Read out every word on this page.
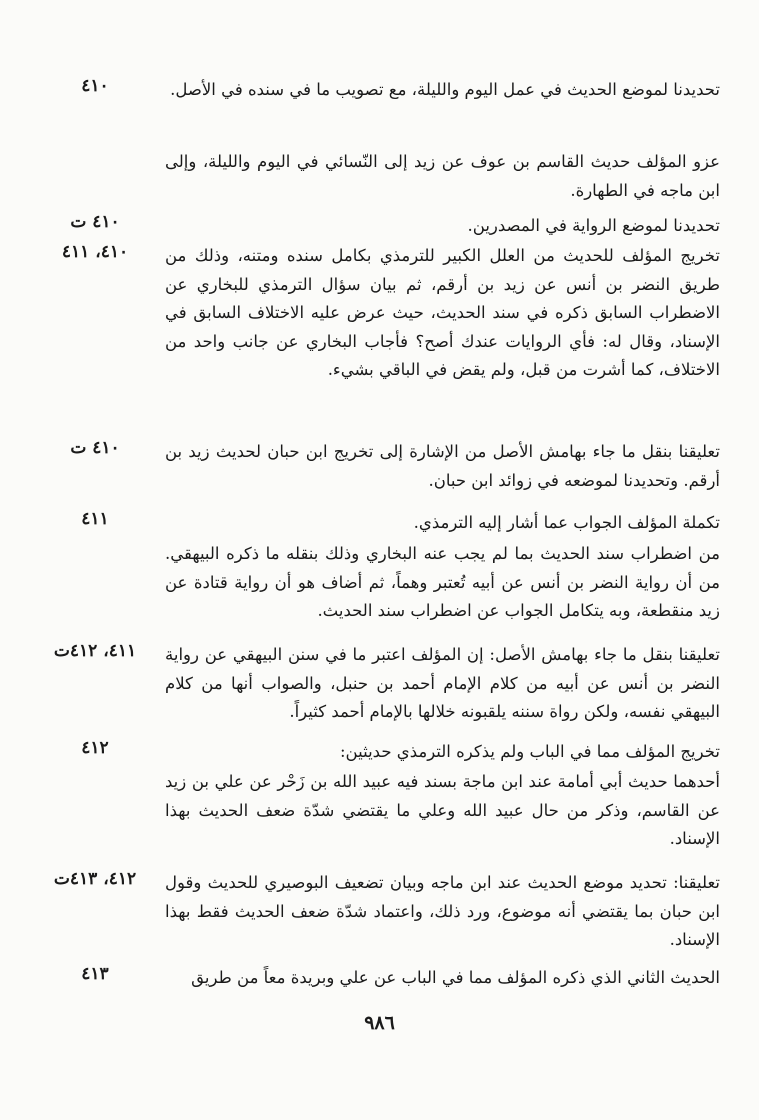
٤١٠	تحديدنا لموضع الحديث في عمل اليوم والليلة، مع تصويب ما في سنده في الأصل.

عزو المؤلف حديث القاسم بن عوف عن زيد إلى النّسائي في اليوم والليلة، وإلى ابن ماجه في الطهارة.

٤١٠ ت	تحديدنا لموضع الرواية في المصدرين.

٤١٠، ٤١١	تخريج المؤلف للحديث من العلل الكبير للترمذي بكامل سنده ومتنه، وذلك من طريق النضر بن أنس عن زيد بن أرقم، ثم بيان سؤال الترمذي للبخاري عن الاضطراب السابق ذكره في سند الحديث، حيث عرض عليه الاختلاف السابق في الإسناد، وقال له: فأي الروايات عندك أصح؟ فأجاب البخاري عن جانب واحد من الاختلاف، كما أشرت من قبل، ولم يقض في الباقي بشيء.

٤١٠ ت	تعليقنا بنقل ما جاء بهامش الأصل من الإشارة إلى تخريج ابن حبان لحديث زيد بن أرقم. وتحديدنا لموضعه في زوائد ابن حبان.

٤١١	تكملة المؤلف الجواب عما أشار إليه الترمذي.

من اضطراب سند الحديث بما لم يجب عنه البخاري وذلك بنقله ما ذكره البيهقي. من أن رواية النضر بن أنس عن أبيه تُعتبر وهماً، ثم أضاف هو أن رواية قتادة عن زيد منقطعة، وبه يتكامل الجواب عن اضطراب سند الحديث.

٤١١، ٤١٢ت	تعليقنا بنقل ما جاء بهامش الأصل: إن المؤلف اعتبر ما في سنن البيهقي عن رواية النضر بن أنس عن أبيه من كلام الإمام أحمد بن حنبل، والصواب أنها من كلام البيهقي نفسه، ولكن رواة سننه يلقبونه خلالها بالإمام أحمد كثيراً.

٤١٢	تخريج المؤلف مما في الباب ولم يذكره الترمذي حديثين:

أحدهما حديث أبي أمامة عند ابن ماجة بسند فيه عبيد الله بن زَحْر عن علي بن زيد عن القاسم، وذكر من حال عبيد الله وعلي ما يقتضي شدّة ضعف الحديث بهذا الإسناد.

٤١٢، ٤١٣ت	تعليقنا: تحديد موضع الحديث عند ابن ماجه وبيان تضعيف البوصيري للحديث وقول ابن حبان بما يقتضي أنه موضوع، ورد ذلك، واعتماد شدّة ضعف الحديث فقط بهذا الإسناد.

٤١٣	الحديث الثاني الذي ذكره المؤلف مما في الباب عن علي وبريدة معاً من طريق

٩٨٦
